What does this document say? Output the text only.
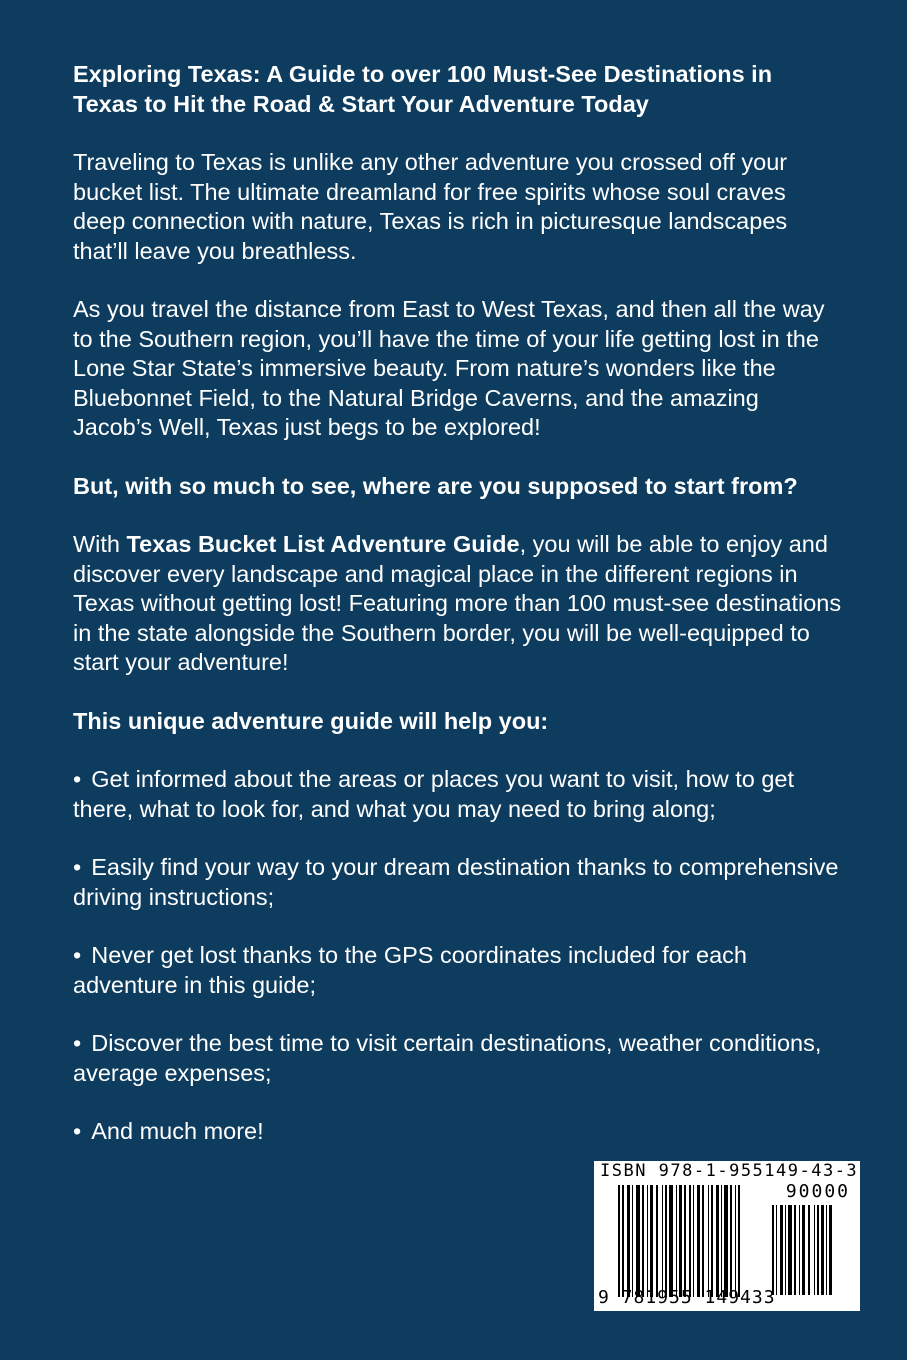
Exploring Texas: A Guide to over 100 Must-See Destinations in Texas to Hit the Road & Start Your Adventure Today

Traveling to Texas is unlike any other adventure you crossed off your bucket list. The ultimate dreamland for free spirits whose soul craves deep connection with nature, Texas is rich in picturesque landscapes that’ll leave you breathless.

As you travel the distance from East to West Texas, and then all the way to the Southern region, you’ll have the time of your life getting lost in the Lone Star State’s immersive beauty. From nature’s wonders like the Bluebonnet Field, to the Natural Bridge Caverns, and the amazing Jacob’s Well, Texas just begs to be explored!

But, with so much to see, where are you supposed to start from?

With Texas Bucket List Adventure Guide, you will be able to enjoy and discover every landscape and magical place in the different regions in Texas without getting lost! Featuring more than 100 must-see destinations in the state alongside the Southern border, you will be well-equipped to start your adventure!

This unique adventure guide will help you:

• Get informed about the areas or places you want to visit, how to get there, what to look for, and what you may need to bring along;

• Easily find your way to your dream destination thanks to comprehensive driving instructions;

• Never get lost thanks to the GPS coordinates included for each adventure in this guide;

• Discover the best time to visit certain destinations, weather conditions, average expenses;

• And much more!

ISBN 978-1-955149-43-3
90000
9 781955 149433
